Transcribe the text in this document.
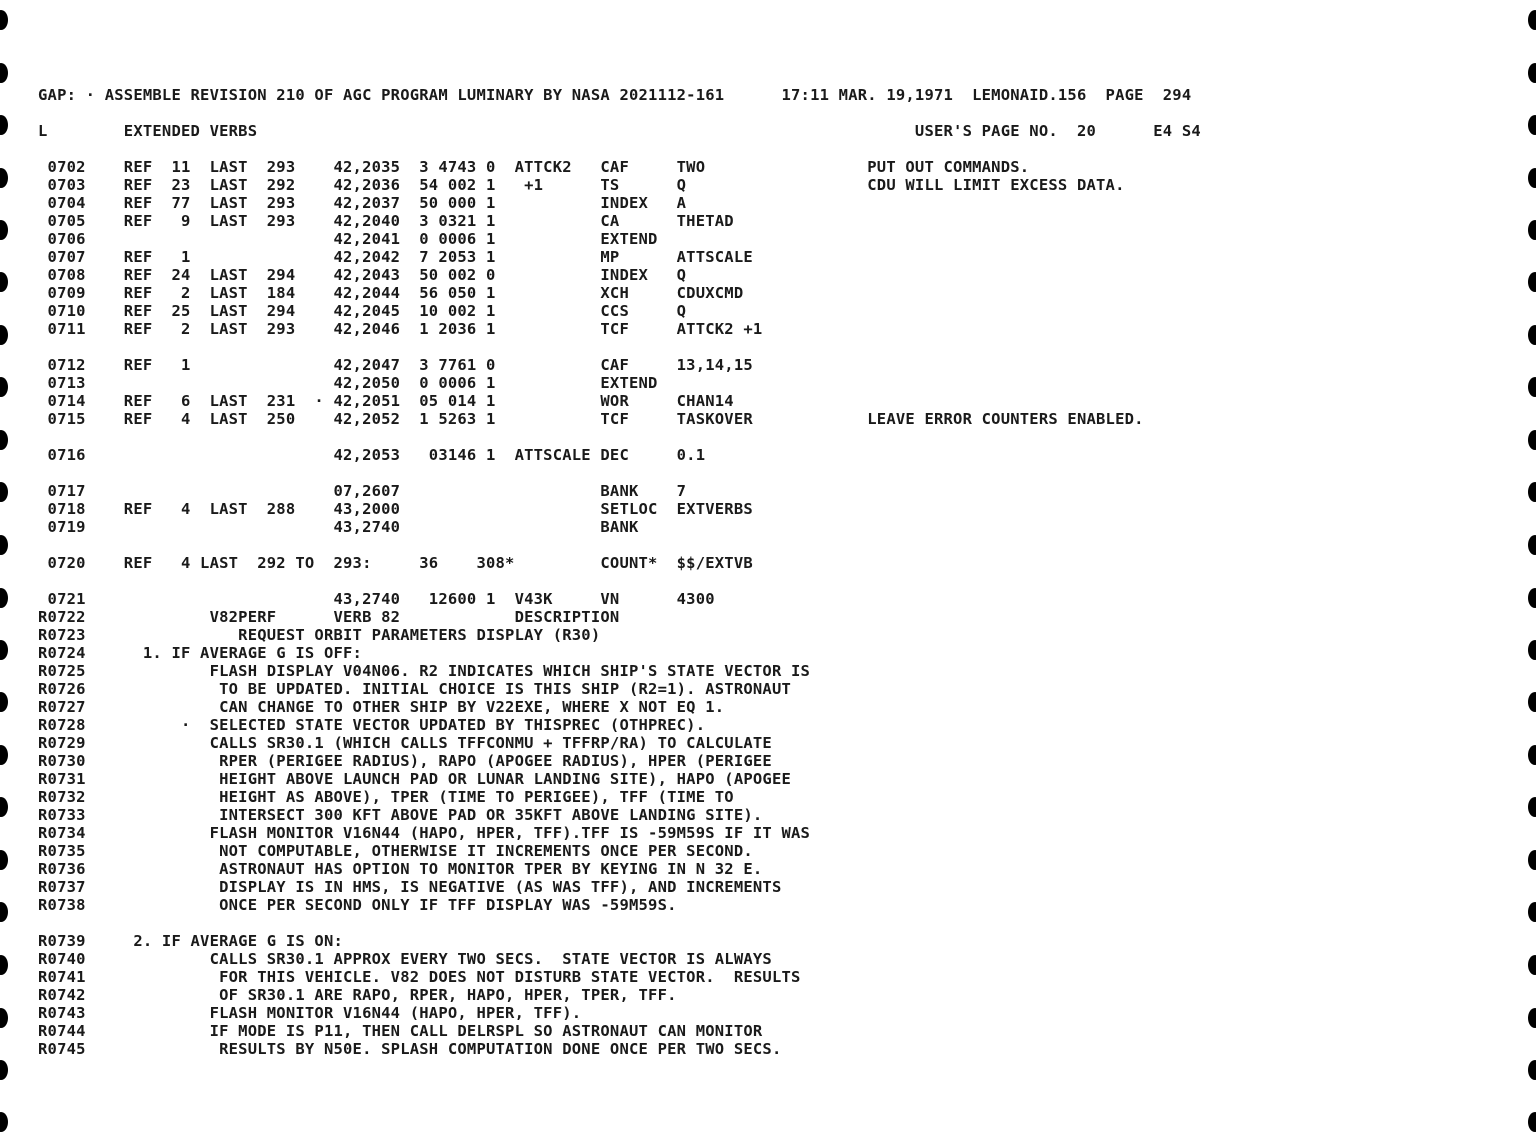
GAP: · ASSEMBLE REVISION 210 OF AGC PROGRAM LUMINARY BY NASA 2021112-161      17:11 MAR. 19,1971  LEMONAID.156  PAGE  294
L        EXTENDED VERBS                                                                     USER'S PAGE NO.  20      E4 S4
0702    REF  11  LAST  293    42,2035  3 4743 0  ATTCK2   CAF     TWO                 PUT OUT COMMANDS.
0703    REF  23  LAST  292    42,2036  54 002 1   +1      TS      Q                   CDU WILL LIMIT EXCESS DATA.
0704    REF  77  LAST  293    42,2037  50 000 1           INDEX   A
0705    REF   9  LAST  293    42,2040  3 0321 1           CA      THETAD
0706                          42,2041  0 0006 1           EXTEND
0707    REF   1               42,2042  7 2053 1           MP      ATTSCALE
0708    REF  24  LAST  294    42,2043  50 002 0           INDEX   Q
0709    REF   2  LAST  184    42,2044  56 050 1           XCH     CDUXCMD
0710    REF  25  LAST  294    42,2045  10 002 1           CCS     Q
0711    REF   2  LAST  293    42,2046  1 2036 1           TCF     ATTCK2 +1
0712    REF   1               42,2047  3 7761 0           CAF     13,14,15
0713                          42,2050  0 0006 1           EXTEND
0714    REF   6  LAST  231  · 42,2051  05 014 1           WOR     CHAN14
0715    REF   4  LAST  250    42,2052  1 5263 1           TCF     TASKOVER            LEAVE ERROR COUNTERS ENABLED.
0716                          42,2053   03146 1  ATTSCALE DEC     0.1
0717                          07,2607                     BANK    7
0718    REF   4  LAST  288    43,2000                     SETLOC  EXTVERBS
0719                          43,2740                     BANK
0720    REF   4 LAST  292 TO  293:     36    308*         COUNT*  $$/EXTVB
0721                          43,2740   12600 1  V43K     VN      4300
R0722             V82PERF      VERB 82            DESCRIPTION
R0723                REQUEST ORBIT PARAMETERS DISPLAY (R30)
R0724      1. IF AVERAGE G IS OFF:
R0725             FLASH DISPLAY V04N06. R2 INDICATES WHICH SHIP'S STATE VECTOR IS
R0726              TO BE UPDATED. INITIAL CHOICE IS THIS SHIP (R2=1). ASTRONAUT
R0727              CAN CHANGE TO OTHER SHIP BY V22EXE, WHERE X NOT EQ 1.
R0728          ·  SELECTED STATE VECTOR UPDATED BY THISPREC (OTHPREC).
R0729             CALLS SR30.1 (WHICH CALLS TFFCONMU + TFFRP/RA) TO CALCULATE
R0730              RPER (PERIGEE RADIUS), RAPO (APOGEE RADIUS), HPER (PERIGEE
R0731              HEIGHT ABOVE LAUNCH PAD OR LUNAR LANDING SITE), HAPO (APOGEE
R0732              HEIGHT AS ABOVE), TPER (TIME TO PERIGEE), TFF (TIME TO
R0733              INTERSECT 300 KFT ABOVE PAD OR 35KFT ABOVE LANDING SITE).
R0734             FLASH MONITOR V16N44 (HAPO, HPER, TFF).TFF IS -59M59S IF IT WAS
R0735              NOT COMPUTABLE, OTHERWISE IT INCREMENTS ONCE PER SECOND.
R0736              ASTRONAUT HAS OPTION TO MONITOR TPER BY KEYING IN N 32 E.
R0737              DISPLAY IS IN HMS, IS NEGATIVE (AS WAS TFF), AND INCREMENTS
R0738              ONCE PER SECOND ONLY IF TFF DISPLAY WAS -59M59S.
R0739     2. IF AVERAGE G IS ON:
R0740             CALLS SR30.1 APPROX EVERY TWO SECS.  STATE VECTOR IS ALWAYS
R0741              FOR THIS VEHICLE. V82 DOES NOT DISTURB STATE VECTOR.  RESULTS
R0742              OF SR30.1 ARE RAPO, RPER, HAPO, HPER, TPER, TFF.
R0743             FLASH MONITOR V16N44 (HAPO, HPER, TFF).
R0744             IF MODE IS P11, THEN CALL DELRSPL SO ASTRONAUT CAN MONITOR
R0745              RESULTS BY N50E. SPLASH COMPUTATION DONE ONCE PER TWO SECS.
